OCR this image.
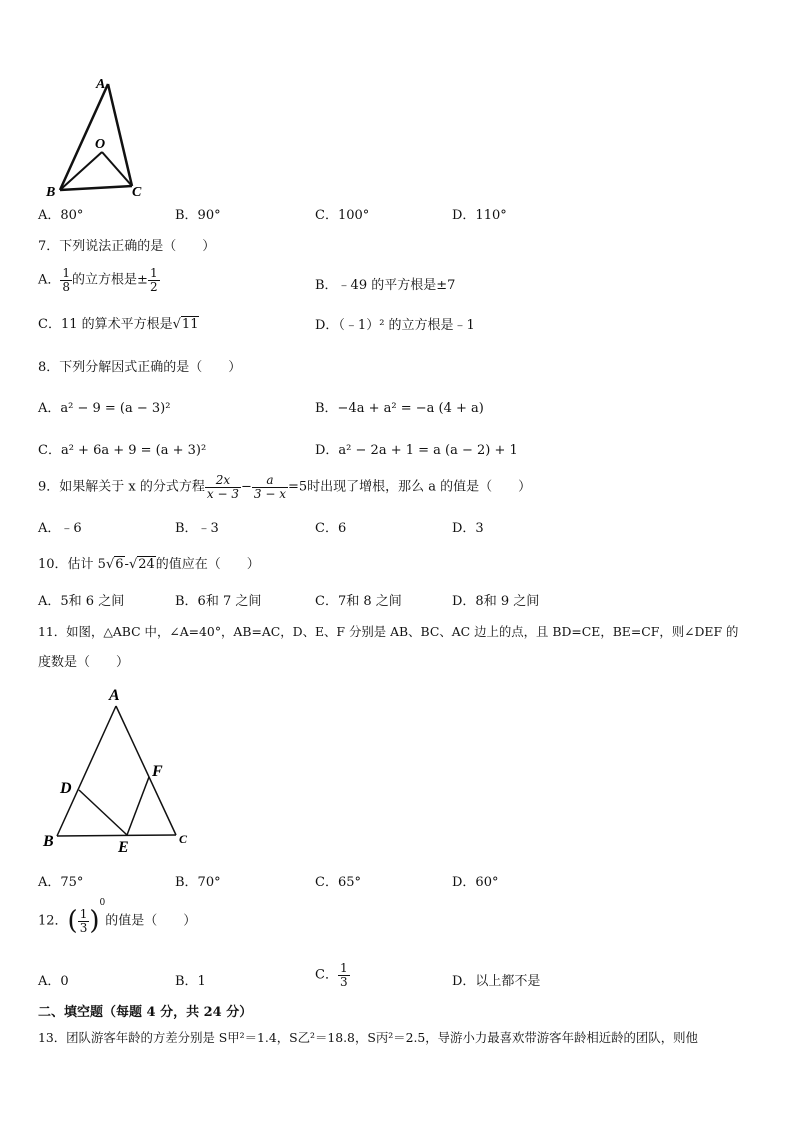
A
O
B	C
A．80°	B．90°	C．100°	D．110°
7．下列说法正确的是（　　）
A． $\frac{1}{8}$ 的立方根是± $\frac{1}{2}$	B．﹣49 的平方根是±7
C．11 的算术平方根是√11	D．（﹣1）² 的立方根是﹣1
8．下列分解因式正确的是（　　）
A．a² − 9 = (a − 3)²	B．−4a + a² = −a (4 + a)
C．a² + 6a + 9 = (a + 3)²	D．a² − 2a + 1 = a (a − 2) + 1
9．如果解关于 x 的分式方程 $\frac{2x}{x - 3} - \frac{a}{3 - x} =5$时出现了增根，那么 a 的值是（　　）
A．﹣6	B．﹣3	C．6	D．3
10．估计 5√6-√24的值应在（　　）
A．5和 6 之间	B．6和 7 之间	C．7和 8 之间	D．8和 9 之间
11．如图，△ABC 中，∠A=40°，AB=AC，D、E、F 分别是 AB、BC、AC 边上的点，且 BD=CE，BE=CF，则∠DEF 的
度数是（　　）
A
D
F
B	E	C
A．75°	B．70°	C．65°	D．60°
12．( $\frac{1}{3} )^0$的值是（　　）
A．0	B．1	C． $\frac{1}{3}$	D．以上都不是
二、填空题（每题 4 分，共 24 分）
13．团队游客年龄的方差分别是 S甲²＝1.4，S乙²＝18.8，S丙²＝2.5，导游小力最喜欢带游客年龄相近龄的团队，则他
